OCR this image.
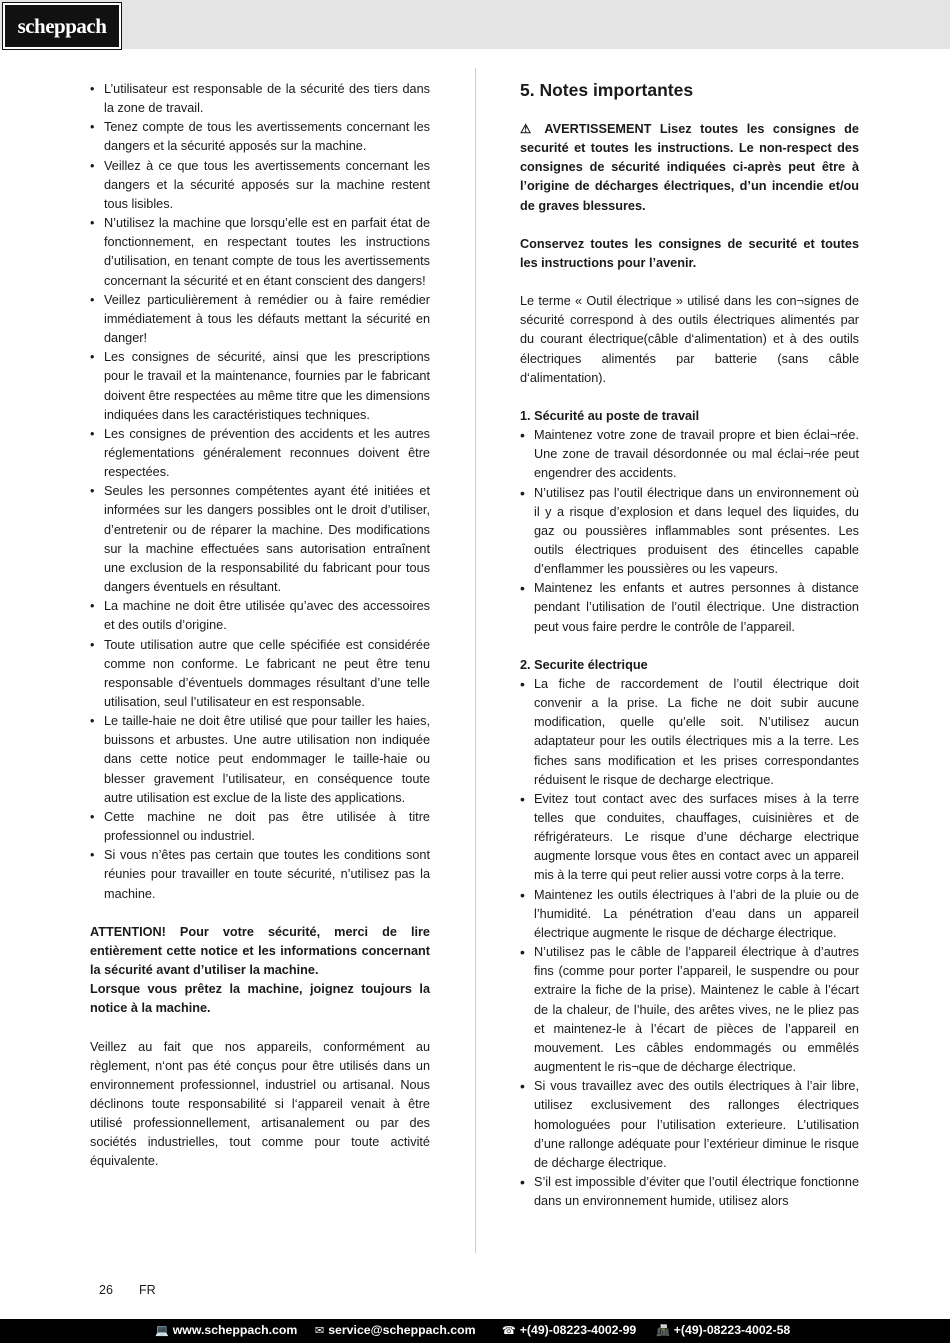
scheppach
• L’utilisateur est responsable de la sécurité des tiers dans la zone de travail.
• Tenez compte de tous les avertissements concernant les dangers et la sécurité apposés sur la machine.
• Veillez à ce que tous les avertissements concernant les dangers et la sécurité apposés sur la machine restent tous lisibles.
• N’utilisez la machine que lorsqu’elle est en parfait état de fonctionnement, en respectant toutes les instructions d’utilisation, en tenant compte de tous les avertissements concernant la sécurité et en étant conscient des dangers!
• Veillez particulièrement à remédier ou à faire remédier immédiatement à tous les défauts mettant la sécurité en danger!
• Les consignes de sécurité, ainsi que les prescriptions pour le travail et la maintenance, fournies par le fabricant doivent être respectées au même titre que les dimensions indiquées dans les caractéristiques techniques.
• Les consignes de prévention des accidents et les autres réglementations généralement reconnues doivent être respectées.
• Seules les personnes compétentes ayant été initiées et informées sur les dangers possibles ont le droit d’utiliser, d’entretenir ou de réparer la machine. Des modifications sur la machine effectuées sans autorisation entraînent une exclusion de la responsabilité du fabricant pour tous dangers éventuels en résultant.
• La machine ne doit être utilisée qu’avec des accessoires et des outils d’origine.
• Toute utilisation autre que celle spécifiée est considérée comme non conforme. Le fabricant ne peut être tenu responsable d’éventuels dommages résultant d’une telle utilisation, seul l’utilisateur en est responsable.
• Le taille-haie ne doit être utilisé que pour tailler les haies, buissons et arbustes. Une autre utilisation non indiquée dans cette notice peut endommager le taille-haie ou blesser gravement l’utilisateur, en conséquence toute autre utilisation est exclue de la liste des applications.
• Cette machine ne doit pas être utilisée à titre professionnel ou industriel.
• Si vous n’êtes pas certain que toutes les conditions sont réunies pour travailler en toute sécurité, n’utilisez pas la machine.

ATTENTION! Pour votre sécurité, merci de lire entièrement cette notice et les informations concernant la sécurité avant d’utiliser la machine.

Lorsque vous prêtez la machine, joignez toujours la notice à la machine.

Veillez au fait que nos appareils, conformément au règlement, n‘ont pas été conçus pour être utilisés dans un environnement professionnel, industriel ou artisanal. Nous déclinons toute responsabilité si l‘appareil venait à être utilisé professionnellement, artisanalement ou par des sociétés industrielles, tout comme pour toute activité équivalente.

5. Notes importantes

⚠ AVERTISSEMENT Lisez toutes les consignes de securité et toutes les instructions. Le non-respect des consignes de sécurité indiquées ci-après peut être à l’origine de décharges électriques, d’un incendie et/ou de graves blessures.

Conservez toutes les consignes de securité et toutes les instructions pour l’avenir.

Le terme « Outil électrique » utilisé dans les con¬signes de sécurité correspond à des outils électriques alimentés par du courant électrique(câble d‘alimentation) et à des outils électriques alimentés par batterie (sans câble d‘alimentation).

1. Sécurité au poste de travail

• Maintenez votre zone de travail propre et bien éclai¬rée. Une zone de travail désordonnée ou mal éclai¬rée peut engendrer des accidents.
• N’utilisez pas l’outil électrique dans un environnement où il y a risque d’explosion et dans lequel des liquides, du gaz ou poussières inflammables sont présentes. Les outils électriques produisent des étincelles capable d’enflammer les poussières ou les vapeurs.
• Maintenez les enfants et autres personnes à distance pendant l’utilisation de l’outil électrique. Une distraction peut vous faire perdre le contrôle de l’appareil.

2. Securite électrique

• La fiche de raccordement de l’outil électrique doit convenir a la prise. La fiche ne doit subir aucune modification, quelle qu’elle soit. N’utilisez aucun adaptateur pour les outils électriques mis a la terre. Les fiches sans modification et les prises correspondantes réduisent le risque de decharge electrique.
• Evitez tout contact avec des surfaces mises à la terre telles que conduites, chauffages, cuisinières et de réfrigérateurs. Le risque d’une décharge electrique augmente lorsque vous êtes en contact avec un appareil mis à la terre qui peut relier aussi votre corps à la terre.
• Maintenez les outils électriques à l’abri de la pluie ou de l’humidité. La pénétration d’eau dans un appareil électrique augmente le risque de décharge électrique.
• N’utilisez pas le câble de l’appareil électrique à d’autres fins (comme pour porter l’appareil, le suspendre ou pour extraire la fiche de la prise). Maintenez le cable à l’écart de la chaleur, de l’huile, des arêtes vives, ne le pliez pas et maintenez-le à l’écart de pièces de l’appareil en mouvement. Les câbles endommagés ou emmêlés augmentent le ris¬que de décharge électrique.
• Si vous travaillez avec des outils électriques à l’air libre, utilisez exclusivement des rallonges électriques homologuées pour l’utilisation exterieure. L’utilisation d’une rallonge adéquate pour l’extérieur diminue le risque de décharge électrique.
• S’il est impossible d’éviter que l’outil électrique fonctionne dans un environnement humide, utilisez alors
26 FR
💻 www.scheppach.com ✉ service@scheppach.com ☎ +(49)-08223-4002-99 📠 +(49)-08223-4002-58
